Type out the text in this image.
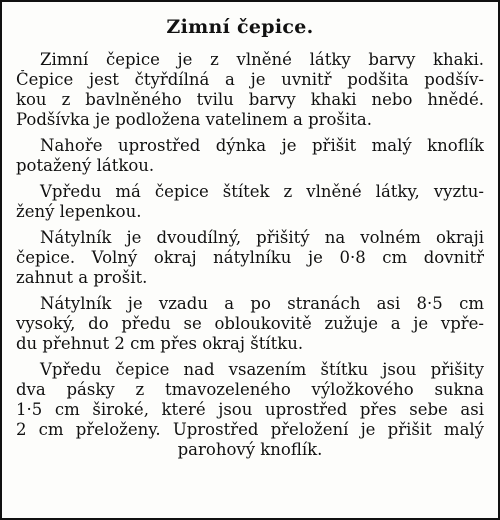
Zimní čepice.
Zimní čepice je z vlněné látky barvy khaki.
Čepice jest čtyřdílná a je uvnitř podšita podšív-
kou z bavlněného tvilu barvy khaki nebo hnědé.
Podšívka je podložena vatelinem a prošita.
Nahoře uprostřed dýnka je přišit malý knoflík
potažený látkou.
Vpředu má čepice štítek z vlněné látky, vyztu-
žený lepenkou.
Nátylník je dvoudílný, přišitý na volném okraji
čepice. Volný okraj nátylníku je 0·8 cm dovnitř
zahnut a prošit.
Nátylník je vzadu a po stranách asi 8·5 cm
vysoký, do předu se obloukovitě zužuje a je vpře-
du přehnut 2 cm přes okraj štítku.
Vpředu čepice nad vsazením štítku jsou přišity
dva pásky z tmavozeleného výložkového sukna
1·5 cm široké, které jsou uprostřed přes sebe asi
2 cm přeloženy. Uprostřed přeložení je přišit malý
parohový knoflík.
